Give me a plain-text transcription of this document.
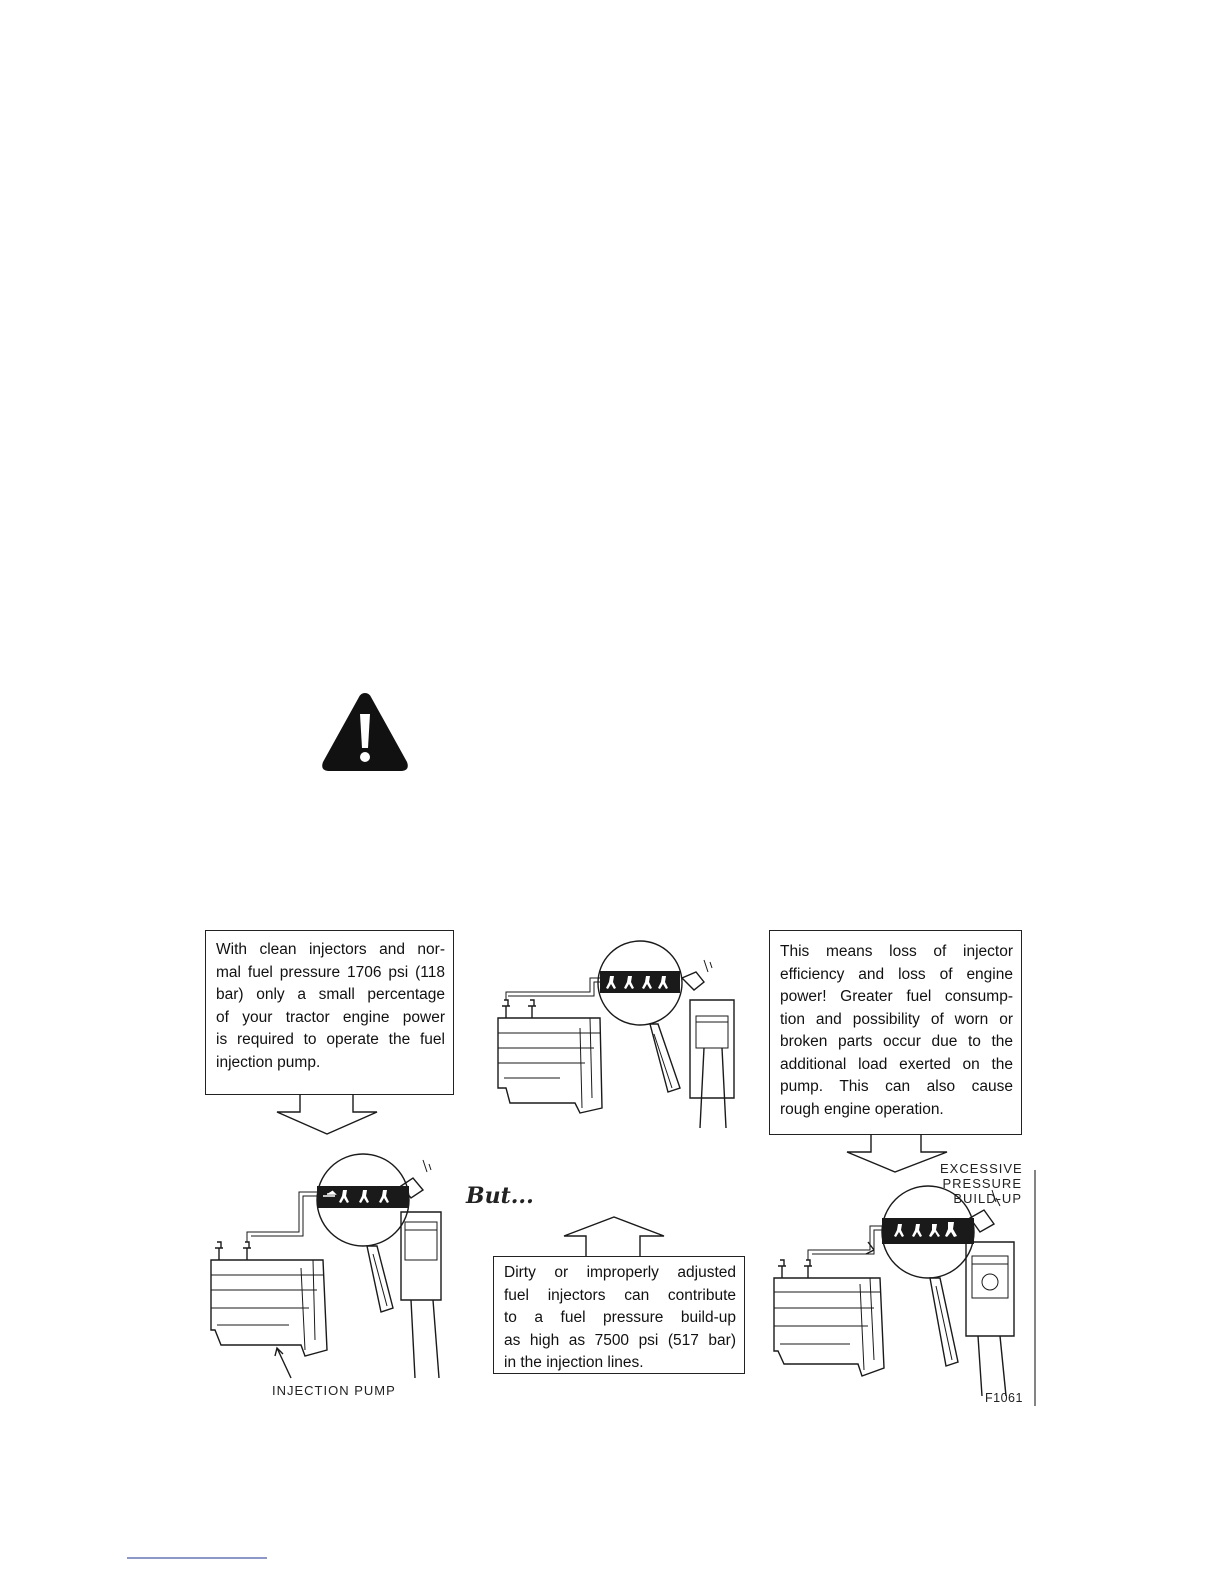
With clean injectors and nor-
mal fuel pressure 1706 psi (118
bar) only a small percentage
of your tractor engine power
is required to operate the fuel
injection pump.
This means loss of injector
efficiency and loss of engine
power! Greater fuel consump-
tion and possibility of worn or
broken parts occur due to the
additional load exerted on the
pump. This can also cause
rough engine operation.
Dirty or improperly adjusted
fuel injectors can contribute
to a fuel pressure build-up
as high as 7500 psi (517 bar)
in the injection lines.
But...
EXCESSIVE
PRESSURE
BUILD-UP
INJECTION PUMP	F1061
